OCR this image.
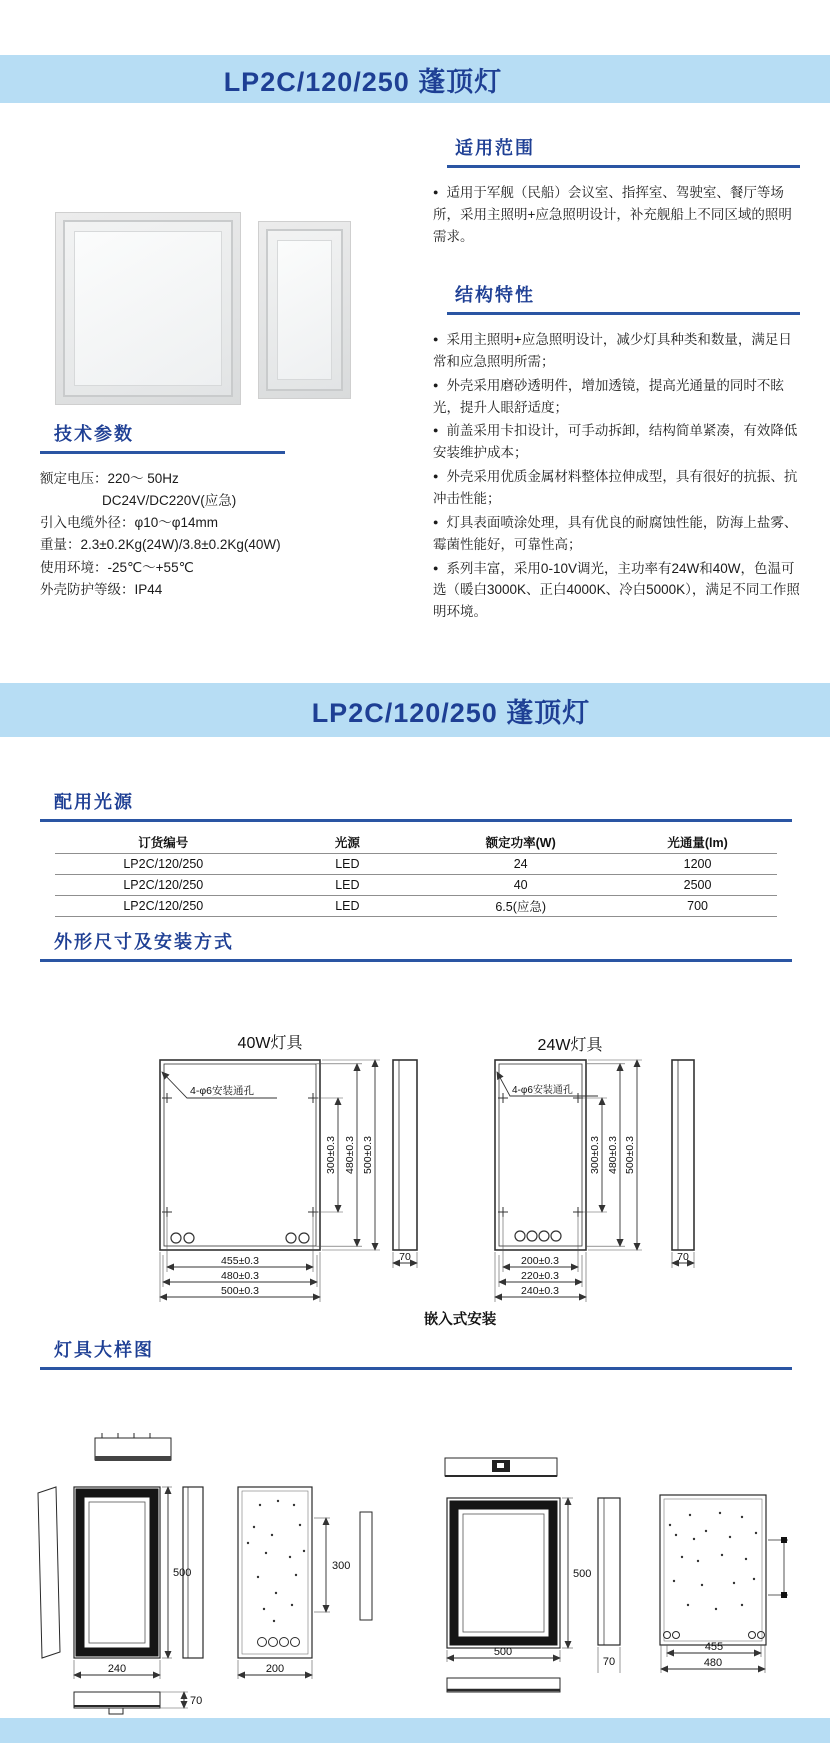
LP2C/120/250 蓬顶灯
适用范围
● 适用于军舰（民船）会议室、指挥室、驾驶室、餐厅等场所，采用主照明+应急照明设计，补充舰船上不同区域的照明需求。
结构特性
● 采用主照明+应急照明设计，减少灯具种类和数量，满足日常和应急照明所需；
● 外壳采用磨砂透明件，增加透镜，提高光通量的同时不眩光，提升人眼舒适度；
● 前盖采用卡扣设计，可手动拆卸，结构简单紧凑，有效降低安装维护成本；
● 外壳采用优质金属材料整体拉伸成型，具有很好的抗振、抗冲击性能；
● 灯具表面喷涂处理，具有优良的耐腐蚀性能，防海上盐雾、霉菌性能好，可靠性高；
● 系列丰富，采用0-10V调光，主功率有24W和40W，色温可选（暖白3000K、正白4000K、冷白5000K），满足不同工作照明环境。
技术参数
额定电压：220～ 50Hz
DC24V/DC220V(应急)
引入电缆外径：φ10～φ14mm
重量：2.3±0.2Kg(24W)/3.8±0.2Kg(40W)
使用环境：-25℃～+55℃
外壳防护等级：IP44
LP2C/120/250 蓬顶灯
配用光源
订货编号	光源	额定功率(W)	光通量(lm)
LP2C/120/250	LED	24	1200
LP2C/120/250	LED	40	2500
LP2C/120/250	LED	6.5(应急)	700
外形尺寸及安装方式
40W灯具	24W灯具
4-φ6安装通孔
300±0.3 480±0.3 500±0.3
455±0.3
480±0.3
500±0.3
70
4-φ6安装通孔
300±0.3 480±0.3 500±0.3
200±0.3
220±0.3
240±0.3
70
嵌入式安装
灯具大样图
500
240	200
300
70
500
500
70
455
480
